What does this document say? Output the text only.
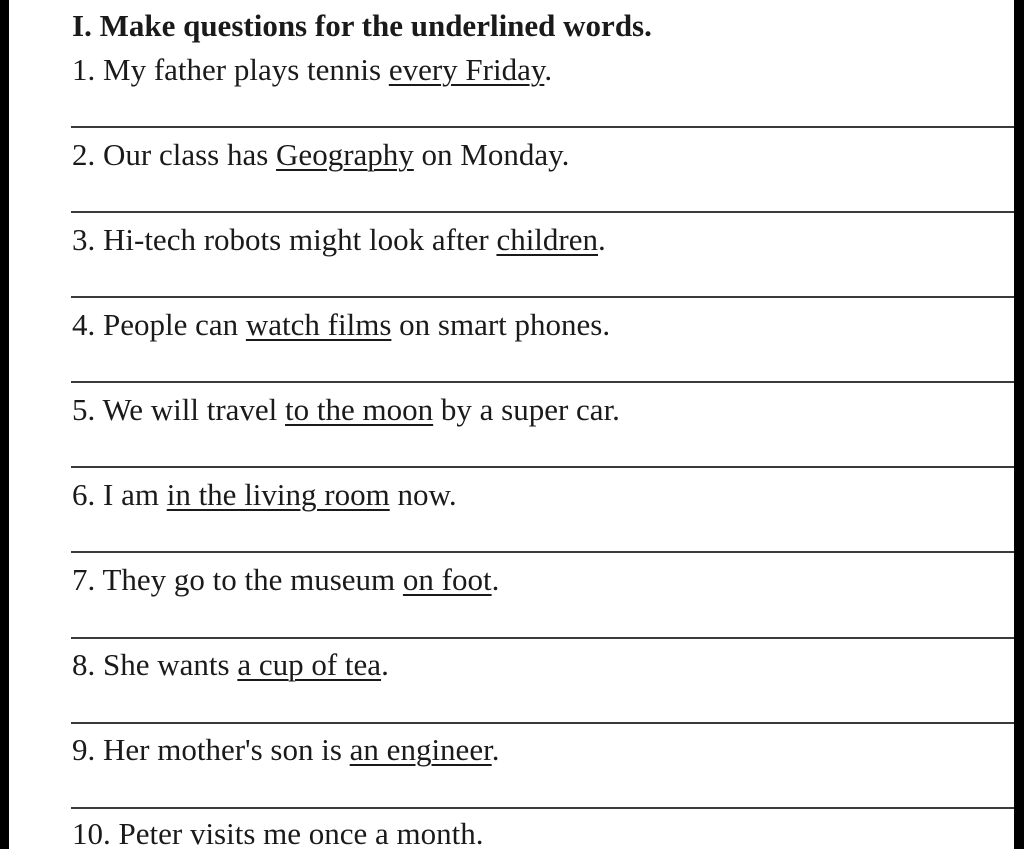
I. Make questions for the underlined words.
1. My father plays tennis every Friday.
2. Our class has Geography on Monday.
3. Hi-tech robots might look after children.
4. People can watch films on smart phones.
5. We will travel to the moon by a super car.
6. I am in the living room now.
7. They go to the museum on foot.
8. She wants a cup of tea.
9. Her mother's son is an engineer.
10. Peter visits me once a month.
